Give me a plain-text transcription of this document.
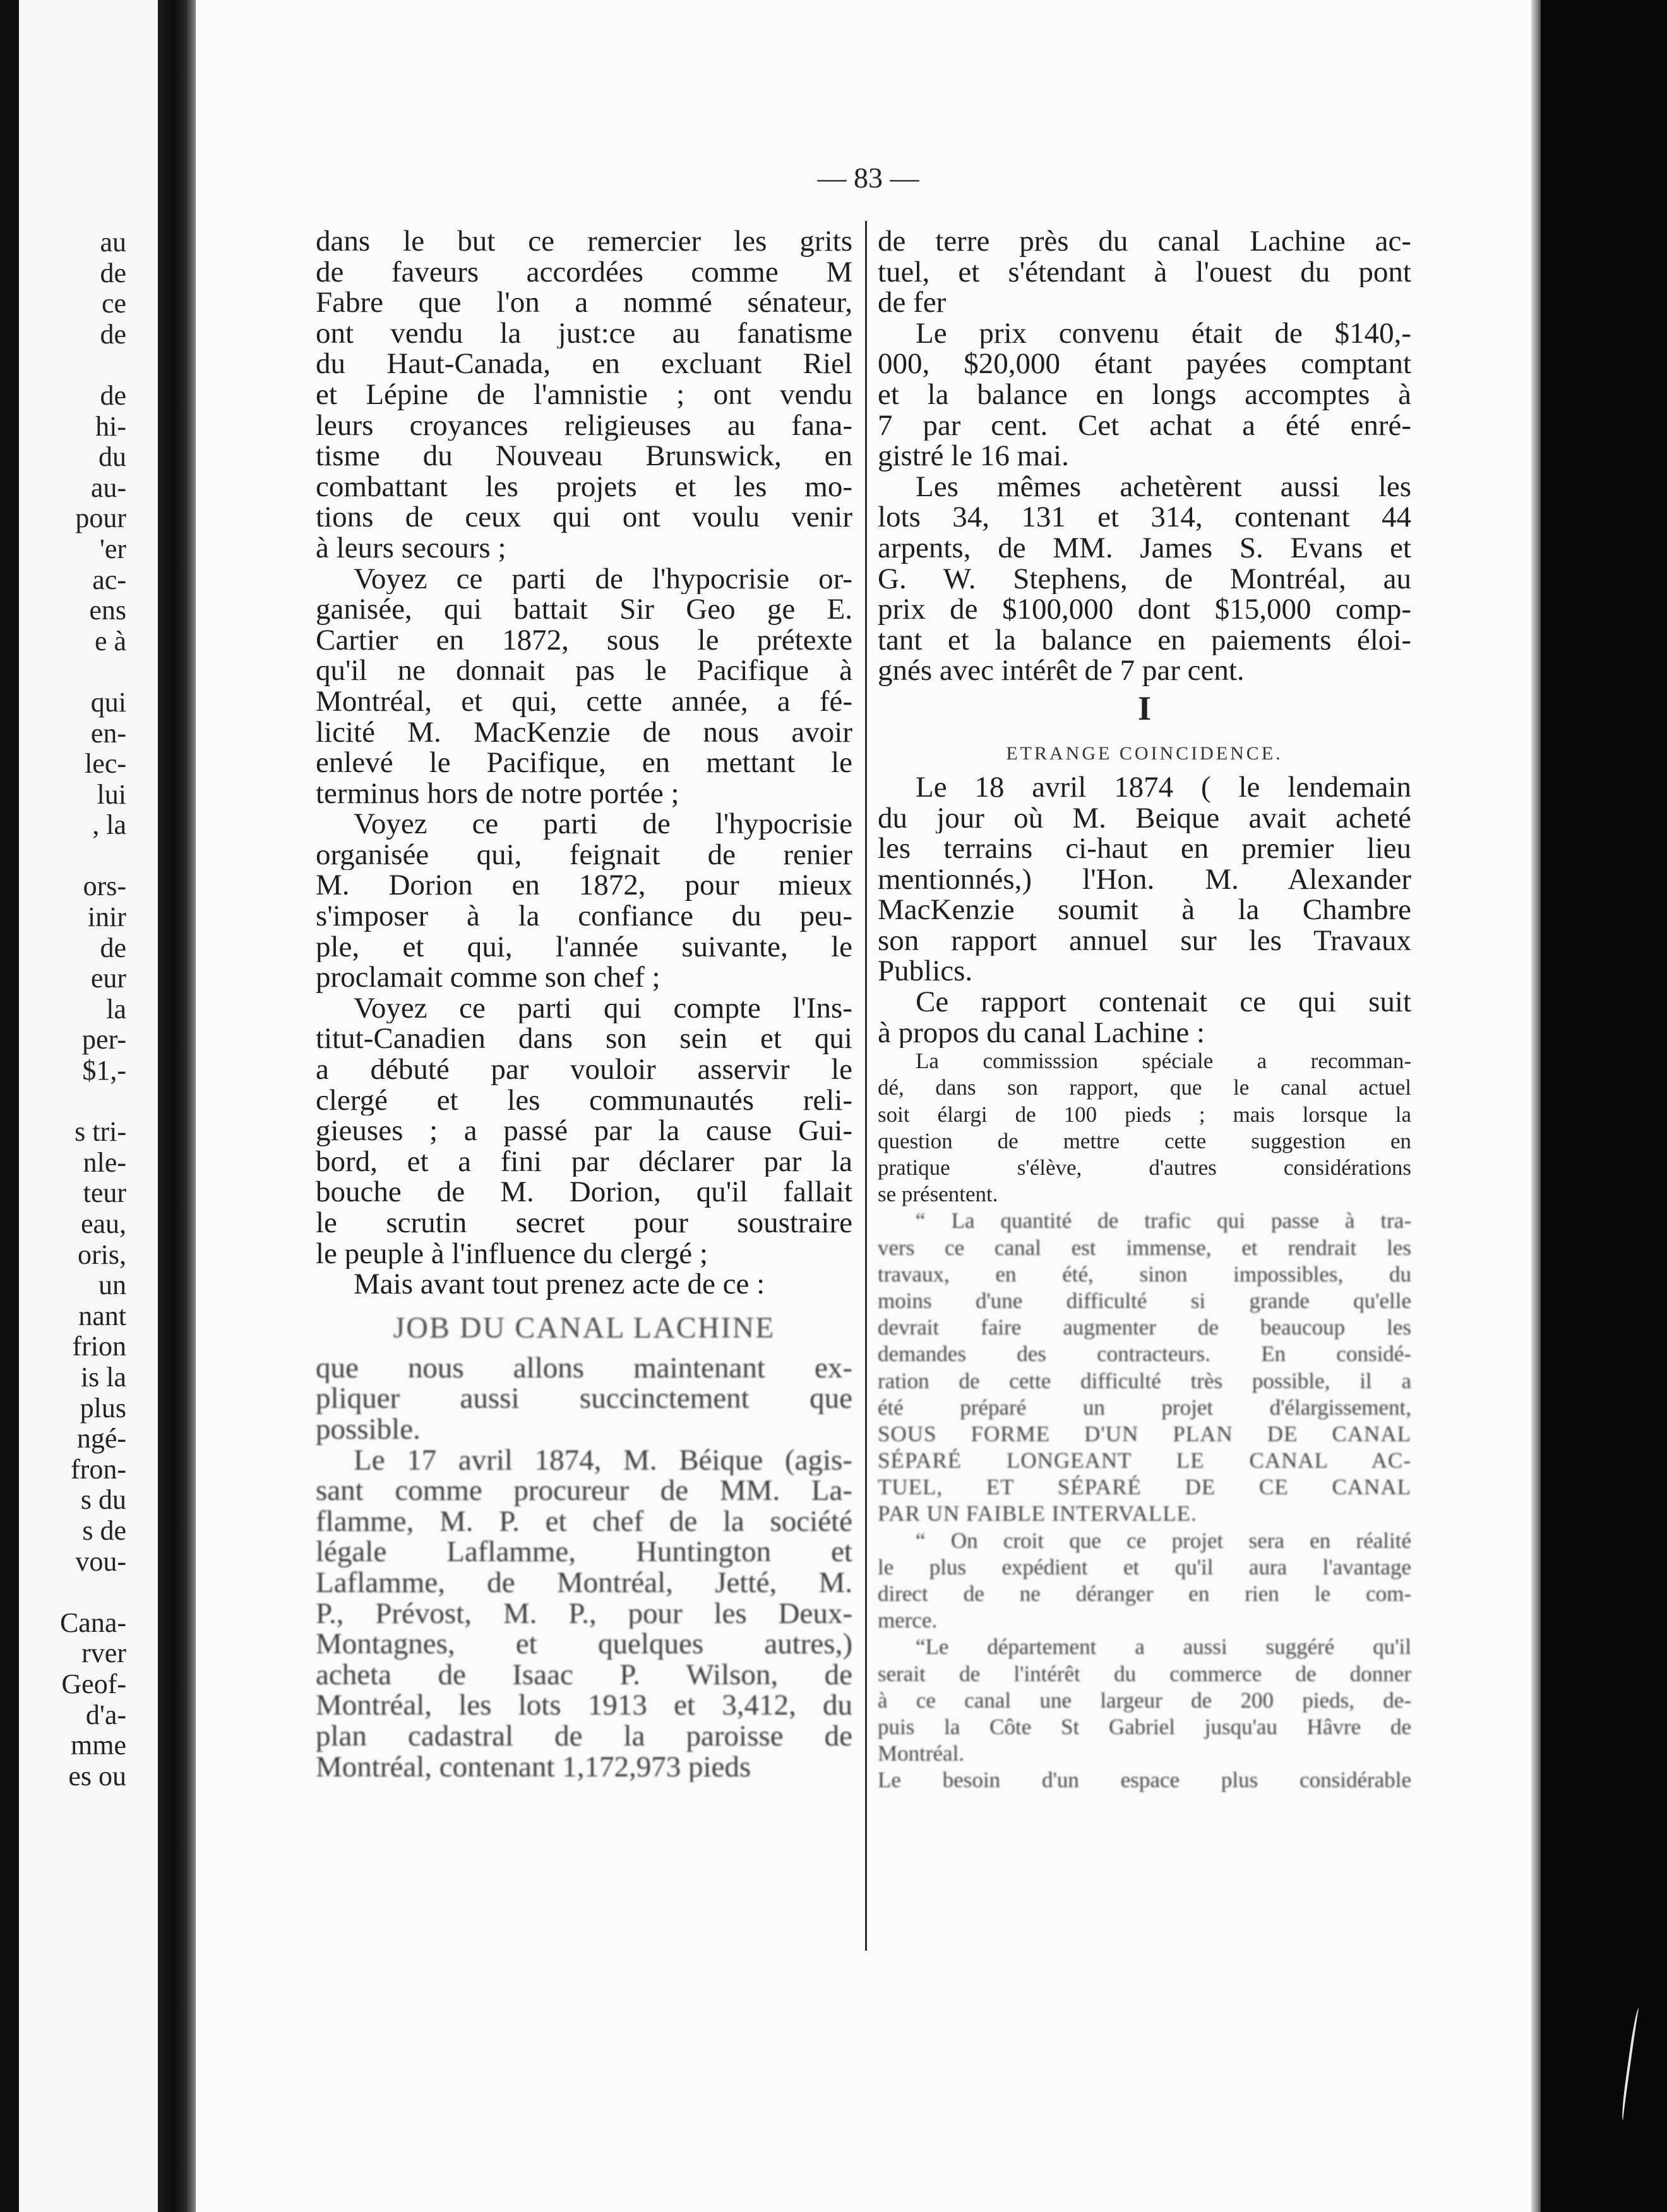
au
de
ce
de
de
hi-
du
au-
pour
'er
ac-
ens
e à
qui
en-
lec-
lui
, la
ors-
inir
de
eur
la
per-
$1,-
s tri-
nle-
teur
eau,
oris,
un
nant
frion
is la
plus
ngé-
fron-
s du
s de
vou-
Cana-
rver
Geof-
d'a-
mme
es ou
— 83 —
dans le but ce remercier les grits
de faveurs accordées comme M
Fabre que l'on a nommé sénateur,
ont vendu la just:ce au fanatisme
du Haut-Canada, en excluant Riel
et Lépine de l'amnistie ; ont vendu
leurs croyances religieuses au fana-
tisme du Nouveau Brunswick, en
combattant les projets et les mo-
tions de ceux qui ont voulu venir
à leurs secours ;
Voyez ce parti de l'hypocrisie or-
ganisée, qui battait Sir Geo ge E.
Cartier en 1872, sous le prétexte
qu'il ne donnait pas le Pacifique à
Montréal, et qui, cette année, a fé-
licité M. MacKenzie de nous avoir
enlevé le Pacifique, en mettant le
terminus hors de notre portée ;
Voyez ce parti de l'hypocrisie
organisée qui, feignait de renier
M. Dorion en 1872, pour mieux
s'imposer à la confiance du peu-
ple, et qui, l'année suivante, le
proclamait comme son chef ;
Voyez ce parti qui compte l'Ins-
titut-Canadien dans son sein et qui
a débuté par vouloir asservir le
clergé et les communautés reli-
gieuses ; a passé par la cause Gui-
bord, et a fini par déclarer par la
bouche de M. Dorion, qu'il fallait
le scrutin secret pour soustraire
le peuple à l'influence du clergé ;
Mais avant tout prenez acte de ce :
JOB DU CANAL LACHINE
que nous allons maintenant ex-
pliquer aussi succinctement que
possible.
Le 17 avril 1874, M. Béique (agis-
sant comme procureur de MM. La-
flamme, M. P. et chef de la société
légale Laflamme, Huntington et
Laflamme, de Montréal, Jetté, M.
P., Prévost, M. P., pour les Deux-
Montagnes, et quelques autres,)
acheta de Isaac P. Wilson, de
Montréal, les lots 1913 et 3,412, du
plan cadastral de la paroisse de
Montréal, contenant 1,172,973 pieds
de terre près du canal Lachine ac-
tuel, et s'étendant à l'ouest du pont
de fer
Le prix convenu était de $140,-
000, $20,000 étant payées comptant
et la balance en longs accomptes à
7 par cent. Cet achat a été enré-
gistré le 16 mai.
Les mêmes achetèrent aussi les
lots 34, 131 et 314, contenant 44
arpents, de MM. James S. Evans et
G. W. Stephens, de Montréal, au
prix de $100,000 dont $15,000 comp-
tant et la balance en paiements éloi-
gnés avec intérêt de 7 par cent.
I
ETRANGE COINCIDENCE.
Le 18 avril 1874 ( le lendemain
du jour où M. Beique avait acheté
les terrains ci-haut en premier lieu
mentionnés,) l'Hon. M. Alexander
MacKenzie soumit à la Chambre
son rapport annuel sur les Travaux
Publics.
Ce rapport contenait ce qui suit
à propos du canal Lachine :
La commisssion spéciale a recomman-
dé, dans son rapport, que le canal actuel
soit élargi de 100 pieds ; mais lorsque la
question de mettre cette suggestion en
pratique s'élève, d'autres considérations
se présentent.
“ La quantité de trafic qui passe à tra-
vers ce canal est immense, et rendrait les
travaux, en été, sinon impossibles, du
moins d'une difficulté si grande qu'elle
devrait faire augmenter de beaucoup les
demandes des contracteurs. En considé-
ration de cette difficulté très possible, il a
été préparé un projet d'élargissement,
SOUS FORME D'UN PLAN DE CANAL
SÉPARÉ LONGEANT LE CANAL AC-
TUEL, ET SÉPARÉ DE CE CANAL
PAR UN FAIBLE INTERVALLE.
“ On croit que ce projet sera en réalité
le plus expédient et qu'il aura l'avantage
direct de ne déranger en rien le com-
merce.
“Le département a aussi suggéré qu'il
serait de l'intérêt du commerce de donner
à ce canal une largeur de 200 pieds, de-
puis la Côte St Gabriel jusqu'au Hâvre de
Montréal.
Le besoin d'un espace plus considérable
